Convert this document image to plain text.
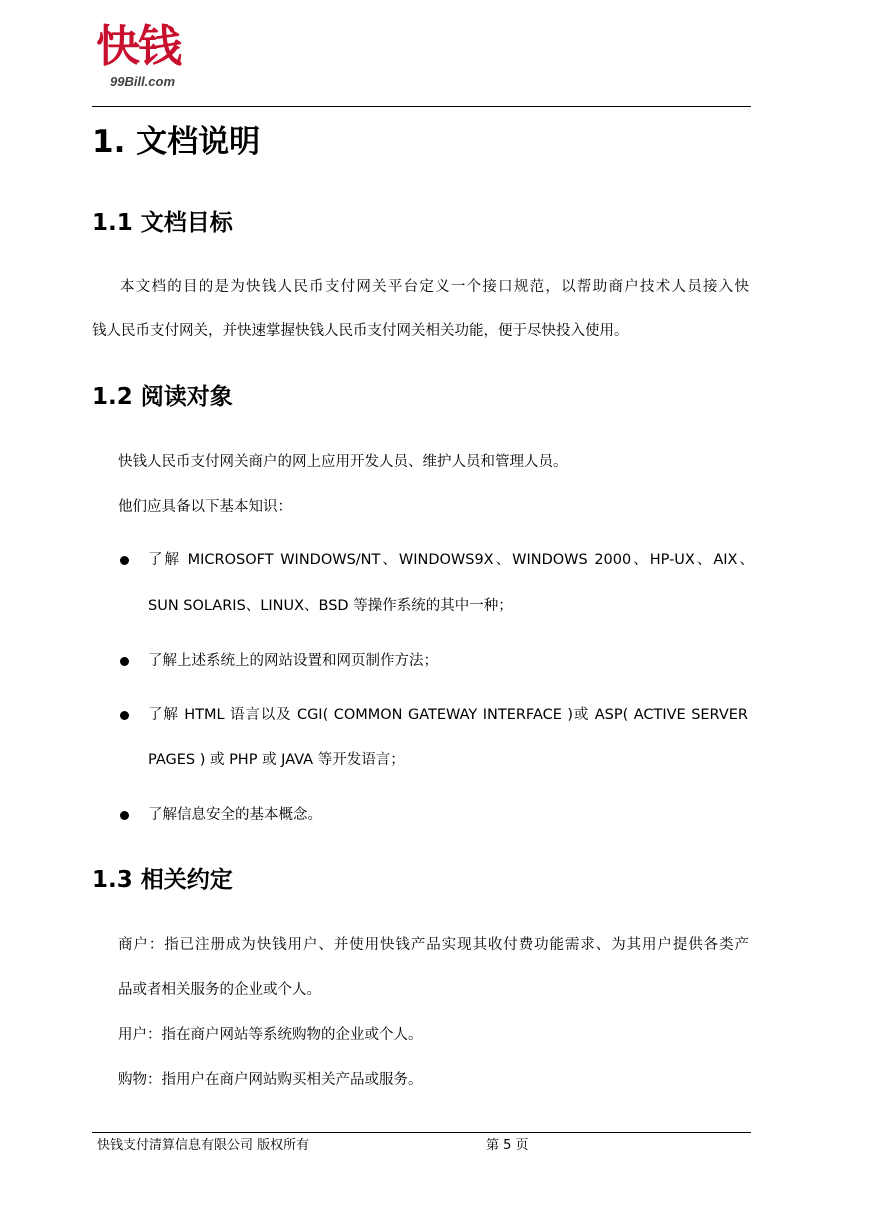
快钱
99Bill.com
1. 文档说明
1.1 文档目标

本文档的目的是为快钱人民币支付网关平台定义一个接口规范，以帮助商户技术人员接入快

钱人民币支付网关，并快速掌握快钱人民币支付网关相关功能，便于尽快投入使用。

1.2 阅读对象

快钱人民币支付网关商户的网上应用开发人员、维护人员和管理人员。

他们应具备以下基本知识：

了解 MICROSOFT WINDOWS/NT、WINDOWS9X、WINDOWS 2000、HP-UX、AIX、

SUN SOLARIS、LINUX、BSD 等操作系统的其中一种；

了解上述系统上的网站设置和网页制作方法；

了解 HTML 语言以及 CGI( COMMON GATEWAY INTERFACE )或 ASP( ACTIVE SERVER

PAGES ) 或 PHP 或 JAVA 等开发语言；

了解信息安全的基本概念。

1.3 相关约定

商户：指已注册成为快钱用户、并使用快钱产品实现其收付费功能需求、为其用户提供各类产

品或者相关服务的企业或个人。

用户：指在商户网站等系统购物的企业或个人。

购物：指用户在商户网站购买相关产品或服务。

快钱支付清算信息有限公司 版权所有	第 5 页
